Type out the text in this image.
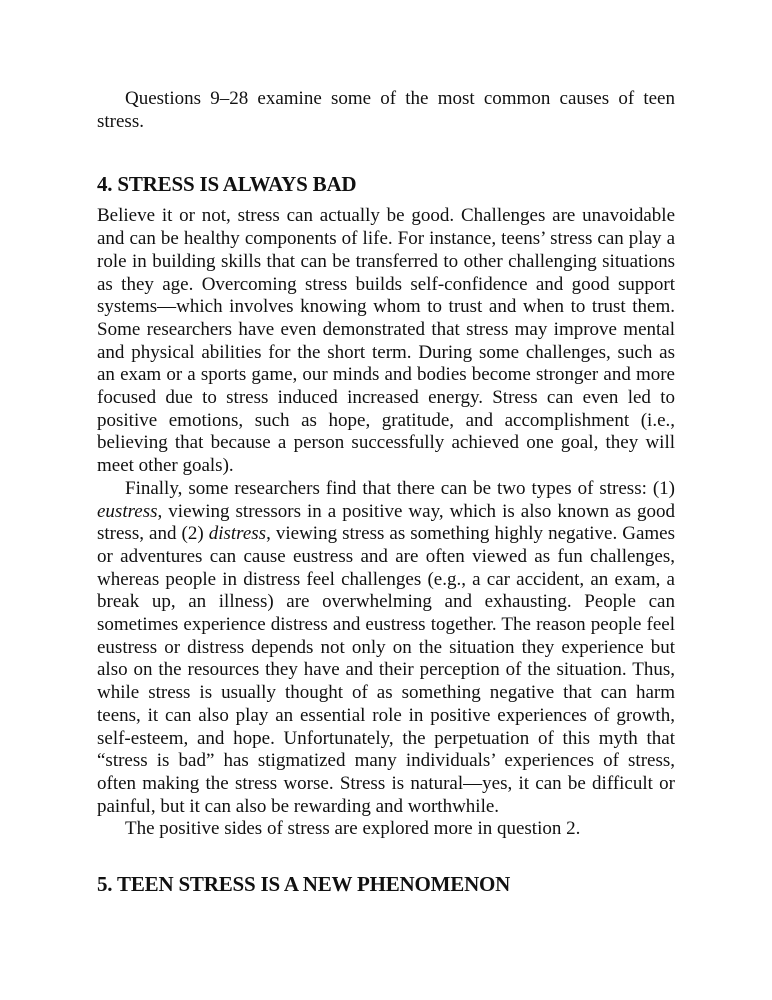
Questions 9–28 examine some of the most common causes of teen stress.

4. STRESS IS ALWAYS BAD

Believe it or not, stress can actually be good. Challenges are unavoidable and can be healthy components of life. For instance, teens’ stress can play a role in building skills that can be transferred to other challenging situations as they age. Overcoming stress builds self-confidence and good support systems—which involves knowing whom to trust and when to trust them. Some researchers have even demonstrated that stress may improve mental and physical abilities for the short term. During some challenges, such as an exam or a sports game, our minds and bodies become stronger and more focused due to stress induced increased energy. Stress can even led to positive emotions, such as hope, gratitude, and accomplishment (i.e., believing that because a person successfully achieved one goal, they will meet other goals).

Finally, some researchers find that there can be two types of stress: (1) eustress, viewing stressors in a positive way, which is also known as good stress, and (2) distress, viewing stress as something highly negative. Games or adventures can cause eustress and are often viewed as fun challenges, whereas people in distress feel challenges (e.g., a car accident, an exam, a break up, an illness) are overwhelming and exhausting. People can sometimes experience distress and eustress together. The reason people feel eustress or distress depends not only on the situation they experience but also on the resources they have and their perception of the situation. Thus, while stress is usually thought of as something negative that can harm teens, it can also play an essential role in positive experiences of growth, self-esteem, and hope. Unfortunately, the perpetuation of this myth that “stress is bad” has stigmatized many individuals’ experiences of stress, often making the stress worse. Stress is natural—yes, it can be difficult or painful, but it can also be rewarding and worthwhile.

The positive sides of stress are explored more in question 2.

5. TEEN STRESS IS A NEW PHENOMENON
